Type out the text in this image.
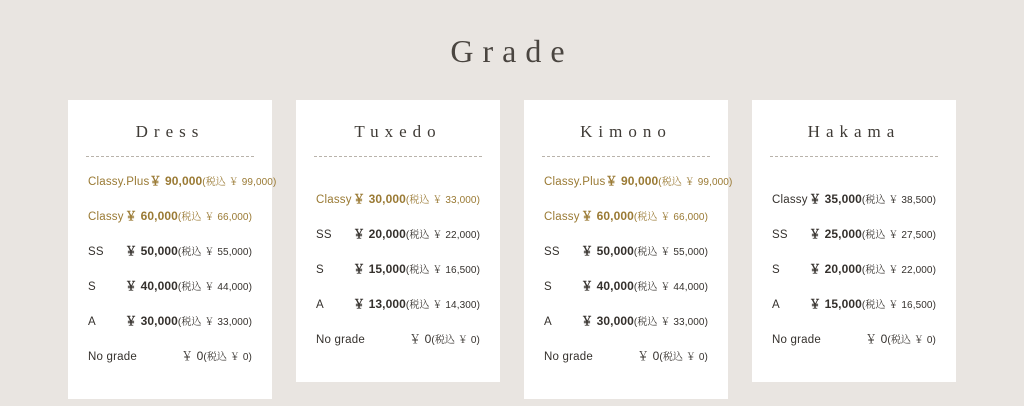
Grade
Dress
Classy.Plus ￥ 90,000(税込 ￥ 99,000)
Classy ￥ 60,000(税込 ￥ 66,000)
SS ￥ 50,000(税込 ￥ 55,000)
S ￥ 40,000(税込 ￥ 44,000)
A ￥ 30,000(税込 ￥ 33,000)
No grade	￥ 0(税込 ￥ 0)
Tuxedo
Classy ￥ 30,000(税込 ￥ 33,000)
SS ￥ 20,000(税込 ￥ 22,000)
S ￥ 15,000(税込 ￥ 16,500)
A ￥ 13,000(税込 ￥ 14,300)
No grade	￥ 0(税込 ￥ 0)
Kimono
Classy.Plus ￥ 90,000(税込 ￥ 99,000)
Classy ￥ 60,000(税込 ￥ 66,000)
SS ￥ 50,000(税込 ￥ 55,000)
S ￥ 40,000(税込 ￥ 44,000)
A ￥ 30,000(税込 ￥ 33,000)
No grade	￥ 0(税込 ￥ 0)
Hakama
Classy ￥ 35,000(税込 ￥ 38,500)
SS ￥ 25,000(税込 ￥ 27,500)
S ￥ 20,000(税込 ￥ 22,000)
A ￥ 15,000(税込 ￥ 16,500)
No grade	￥ 0(税込 ￥ 0)
